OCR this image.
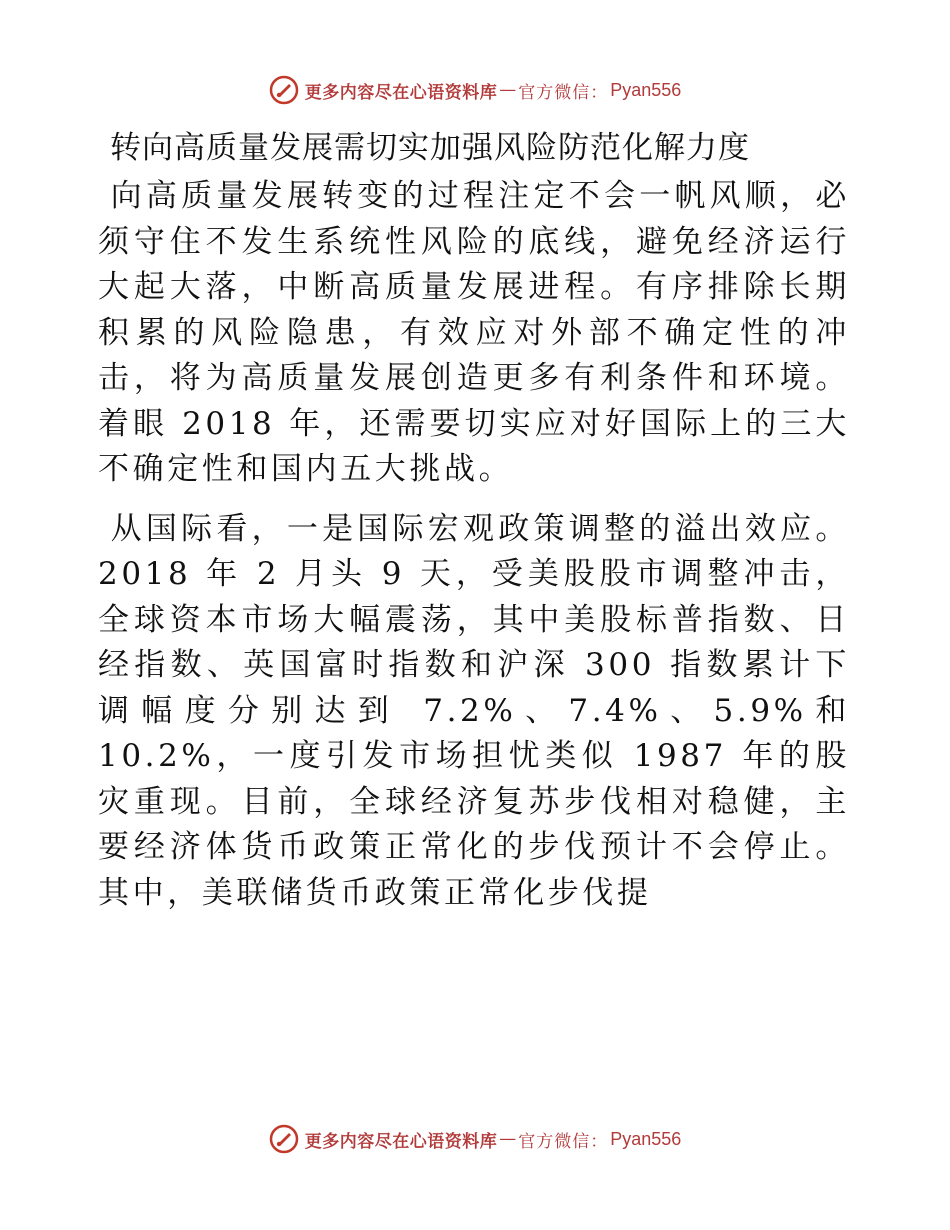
更多内容尽在心语资料库 — 官方微信： Pyan556
转向高质量发展需切实加强风险防范化解力度

向高质量发展转变的过程注定不会一帆风顺，必须守住不发生系统性风险的底线，避免经济运行大起大落，中断高质量发展进程。有序排除长期积累的风险隐患，有效应对外部不确定性的冲击，将为高质量发展创造更多有利条件和环境。着眼 2018 年，还需要切实应对好国际上的三大不确定性和国内五大挑战。

从国际看，一是国际宏观政策调整的溢出效应。2018 年 2 月头 9 天，受美股股市调整冲击，全球资本市场大幅震荡，其中美股标普指数、日经指数、英国富时指数和沪深 300 指数累计下调幅度分别达到 7.2%、7.4%、5.9%和 10.2%，一度引发市场担忧类似 1987 年的股灾重现。目前，全球经济复苏步伐相对稳健，主要经济体货币政策正常化的步伐预计不会停止。其中，美联储货币政策正常化步伐提

更多内容尽在心语资料库 — 官方微信： Pyan556
